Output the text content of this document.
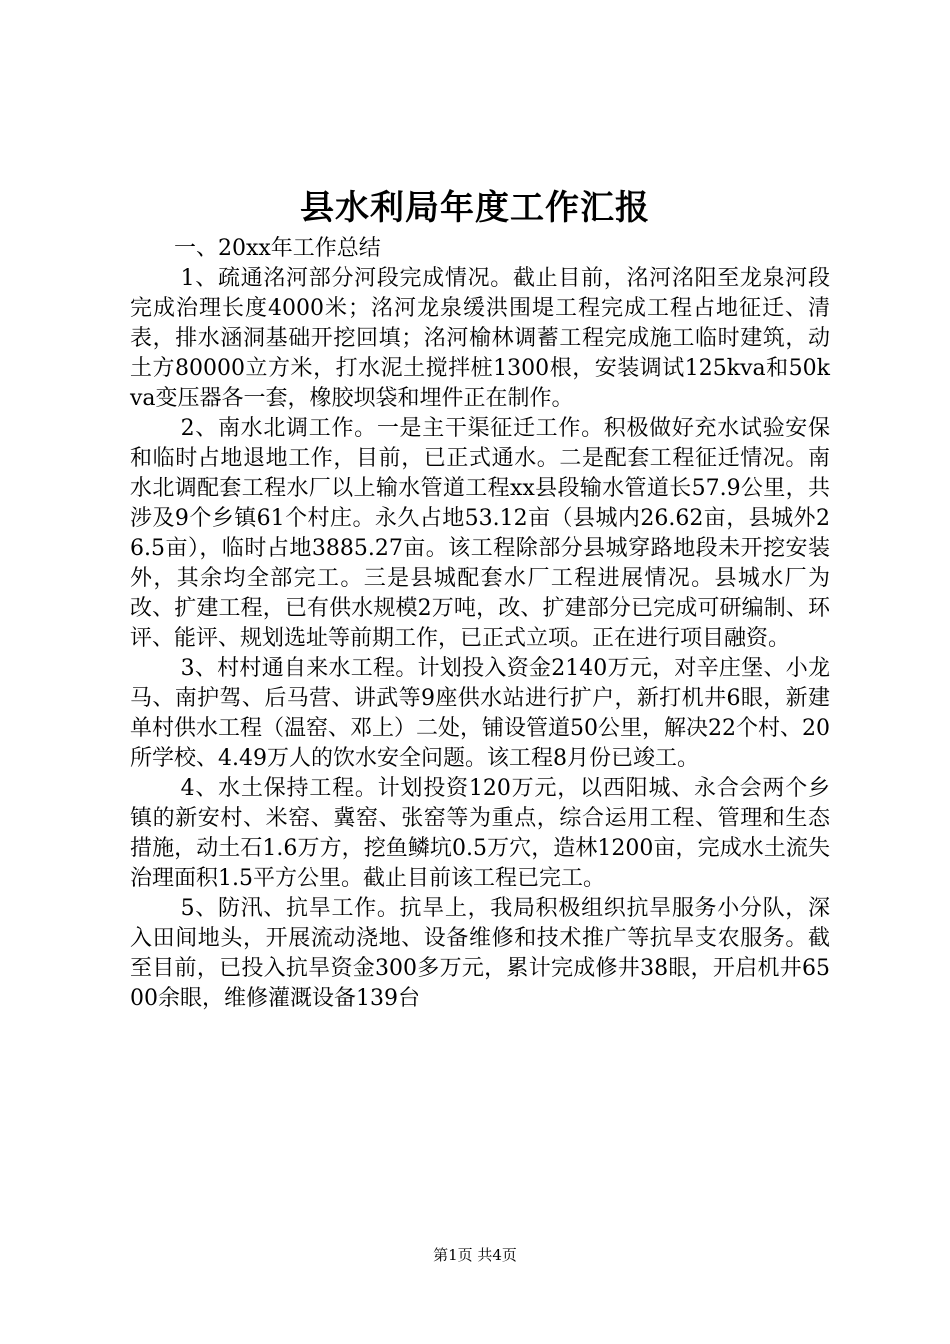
县水利局年度工作汇报

一、20xx年工作总结

1、疏通洺河部分河段完成情况。截止目前，洺河洺阳至龙泉河段完成治理长度4000米；洺河龙泉缓洪围堤工程完成工程占地征迁、清表，排水涵洞基础开挖回填；洺河榆林调蓄工程完成施工临时建筑，动土方80000立方米，打水泥土搅拌桩1300根，安装调试125kva和50kva变压器各一套，橡胶坝袋和埋件正在制作。

2、南水北调工作。一是主干渠征迁工作。积极做好充水试验安保和临时占地退地工作，目前，已正式通水。二是配套工程征迁情况。南水北调配套工程水厂以上输水管道工程xx县段输水管道长57.9公里，共涉及9个乡镇61个村庄。永久占地53.12亩（县城内26.62亩，县城外26.5亩），临时占地3885.27亩。该工程除部分县城穿路地段未开挖安装外，其余均全部完工。三是县城配套水厂工程进展情况。县城水厂为改、扩建工程，已有供水规模2万吨，改、扩建部分已完成可研编制、环评、能评、规划选址等前期工作，已正式立项。正在进行项目融资。

3、村村通自来水工程。计划投入资金2140万元，对辛庄堡、小龙马、南护驾、后马营、讲武等9座供水站进行扩户，新打机井6眼，新建单村供水工程（温窑、邓上）二处，铺设管道50公里，解决22个村、20所学校、4.49万人的饮水安全问题。该工程8月份已竣工。

4、水土保持工程。计划投资120万元，以西阳城、永合会两个乡镇的新安村、米窑、冀窑、张窑等为重点，综合运用工程、管理和生态措施，动土石1.6万方，挖鱼鳞坑0.5万穴，造林1200亩，完成水土流失治理面积1.5平方公里。截止目前该工程已完工。

5、防汛、抗旱工作。抗旱上，我局积极组织抗旱服务小分队，深入田间地头，开展流动浇地、设备维修和技术推广等抗旱支农服务。截至目前，已投入抗旱资金300多万元，累计完成修井38眼，开启机井6500余眼，维修灌溉设备139台

第1页 共4页
